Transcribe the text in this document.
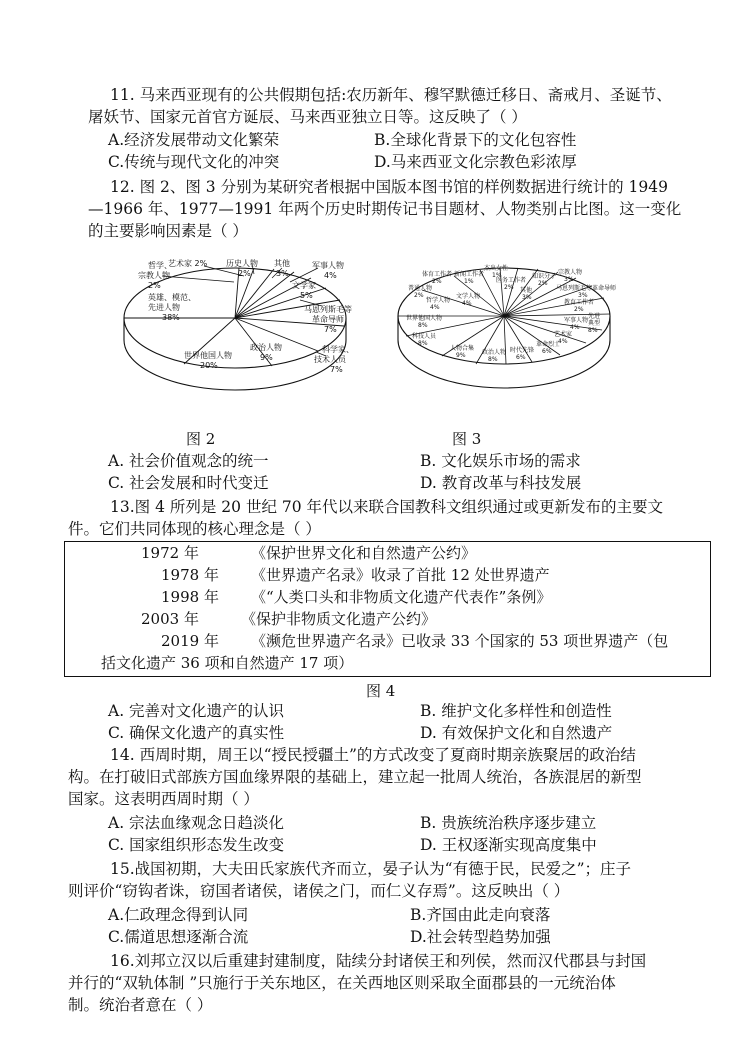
11. 马来西亚现有的公共假期包括:农历新年、穆罕默德迁移日、斋戒月、圣诞节、
屠妖节、国家元首官方诞辰、马来西亚独立日等。这反映了（ ）
A.经济发展带动文化繁荣	B.全球化背景下的文化包容性
C.传统与现代文化的冲突	D.马来西亚文化宗教色彩浓厚
12. 图 2、图 3 分别为某研究者根据中国版本图书馆的样例数据进行统计的 1949
—1966 年、1977—1991 年两个历史时期传记书目题材、人物类别占比图。这一变化
的主要影响因素是（ ）
哲学、宗教人物 2%
艺术家 2% 历史人物 2%
其他 3%
军事人物 4%
文学家 5%
马恩列斯毛等革命导师 7%
科学家、技术人员 7%
英雄、模范、先进人物 38%
世界他国人物 20%
政治人物 9%
体育工作者 2%
新闻工作者 1%
杰出女性 1%
医务工作者 2%
知识分子 2%
宗教人物 3%
其他 3%
马恩列斯毛等革命导师 3%
教育工作者 2%
先进典型 8%
军事人物 4%
艺术家 4%
普通人物 2%	文学人物 4%
哲学人物 4%
世界他国人物 8%
科技人员 8%
人物合集 9%	政治人物 8%
时代先锋 6%
革命烈士 6%
图 2	图 3
A. 社会价值观念的统一	B. 文化娱乐市场的需求
C. 社会发展和时代变迁	D. 教育改革与科技发展
13.图 4 所列是 20 世纪 70 年代以来联合国教科文组织通过或更新发布的主要文
件。它们共同体现的核心理念是（ ）
1972 年	《保护世界文化和自然遗产公约》
1978 年 《世界遗产名录》收录了首批 12 处世界遗产
1998 年 《“人类口头和非物质文化遗产代表作”条例》
2003 年	《保护非物质文化遗产公约》
2019 年 《濒危世界遗产名录》已收录 33 个国家的 53 项世界遗产（包
括文化遗产 36 项和自然遗产 17 项）
图 4
A. 完善对文化遗产的认识	B. 维护文化多样性和创造性
C. 确保文化遗产的真实性	D. 有效保护文化和自然遗产
14. 西周时期，周王以“授民授疆土”的方式改变了夏商时期亲族聚居的政治结
构。在打破旧式部族方国血缘界限的基础上，建立起一批周人统治，各族混居的新型
国家。这表明西周时期（ ）
A. 宗法血缘观念日趋淡化	B. 贵族统治秩序逐步建立
C. 国家组织形态发生改变	D. 王权逐渐实现高度集中
15.战国初期，大夫田氏家族代齐而立，晏子认为“有德于民，民爱之”；庄子
则评价“窃钩者诛，窃国者诸侯，诸侯之门，而仁义存焉”。这反映出（ ）
A.仁政理念得到认同	B.齐国由此走向衰落
C.儒道思想逐渐合流	D.社会转型趋势加强
16.刘邦立汉以后重建封建制度，陆续分封诸侯王和列侯，然而汉代郡县与封国
并行的“双轨体制 ”只施行于关东地区，在关西地区则采取全面郡县的一元统治体
制。统治者意在（ ）
